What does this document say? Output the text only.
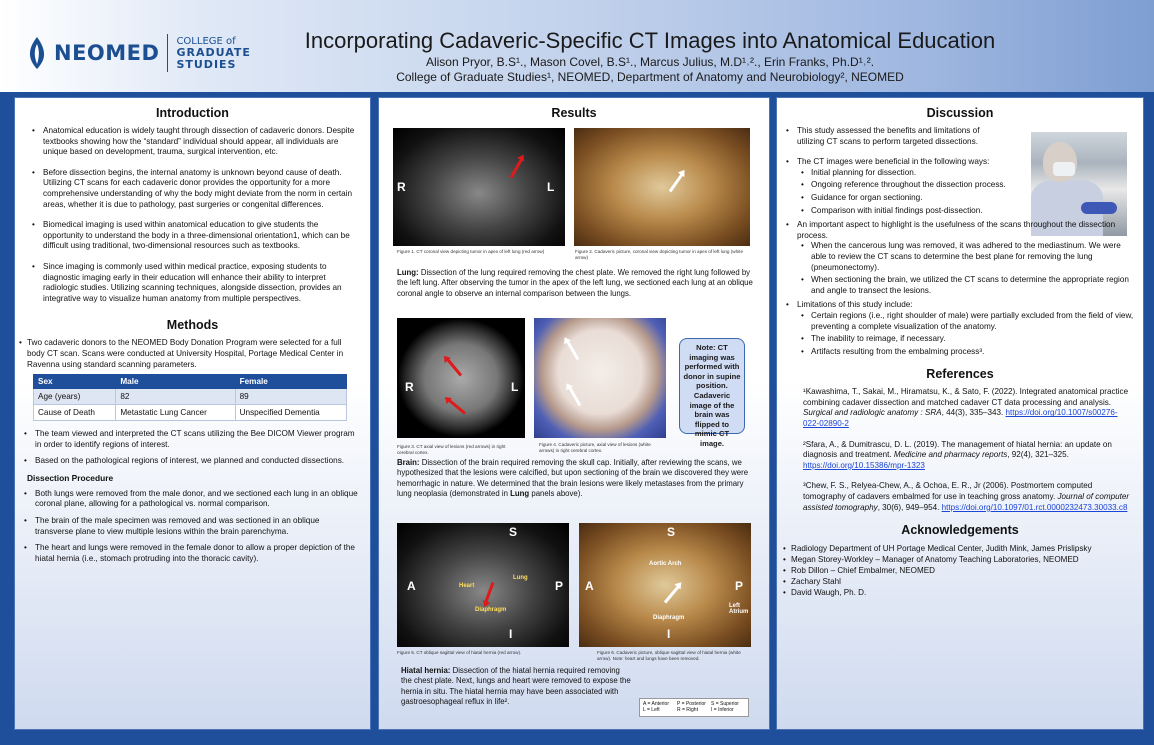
NEOMED COLLEGE of
GRADUATE
STUDIES
Incorporating Cadaveric-Specific CT Images into Anatomical Education
Alison Pryor, B.S¹., Mason Covel, B.S¹., Marcus Julius, M.D¹˒²., Erin Franks, Ph.D¹˒².
College of Graduate Studies¹, NEOMED, Department of Anatomy and Neurobiology², NEOMED
Introduction
• Anatomical education is widely taught through dissection of cadaveric donors. Despite textbooks showing how the “standard” individual should appear, all individuals are unique based on development, trauma, surgical intervention, etc.
• Before dissection begins, the internal anatomy is unknown beyond cause of death. Utilizing CT scans for each cadaveric donor provides the opportunity for a more comprehensive understanding of why the body might deviate from the norm in certain areas, whether it is due to pathology, past surgeries or congenital differences.
• Biomedical imaging is used within anatomical education to give students the opportunity to understand the body in a three-dimensional orientation1, which can be difficult using traditional, two-dimensional resources such as textbooks.
• Since imaging is commonly used within medical practice, exposing students to diagnostic imaging early in their education will enhance their ability to interpret radiologic studies. Utilizing scanning techniques, alongside dissection, provides an integrative way to visualize human anatomy from multiple perspectives.
Methods
• Two cadaveric donors to the NEOMED Body Donation Program were selected for a full body CT scan. Scans were conducted at University Hospital, Portage Medical Center in Ravenna using standard scanning parameters.
Sex	Male	Female
Age (years)	82	89
Cause of Death	Metastatic Lung Cancer	Unspecified Dementia
• The team viewed and interpreted the CT scans utilizing the Bee DICOM Viewer program in order to identify regions of interest.
• Based on the pathological regions of interest, we planned and conducted dissections.
Dissection Procedure
• Both lungs were removed from the male donor, and we sectioned each lung in an oblique coronal plane, allowing for a pathological vs. normal comparison.
• The brain of the male specimen was removed and was sectioned in an oblique transverse plane to view multiple lesions within the brain parenchyma.
• The heart and lungs were removed in the female donor to allow a proper depiction of the hiatal hernia (i.e., stomach protruding into the thoracic cavity).
Results
R	L
Figure 1. CT coronal view depicting tumor in apex of left lung (red arrow)	Figure 2. Cadaveric picture, coronal view depicting tumor in apex of left lung (white arrow)
Lung: Dissection of the lung required removing the chest plate. We removed the right lung followed by the left lung. After observing the tumor in the apex of the left lung, we sectioned each lung at an oblique coronal angle to observe an internal comparison between the lungs.
R	L
Figure 3. CT axial view of lesions (red arrows) in right cerebral cortex.
Figure 4. Cadaveric picture, axial view of lesions (white arrows) in right cerebral cortex.
Note: CT imaging was performed with donor in supine position. Cadaveric image of the brain was flipped to mimic CT image.
Brain: Dissection of the brain required removing the skull cap. Initially, after reviewing the scans, we hypothesized that the lesions were calcified, but upon sectioning of the brain we discovered they were hemorrhagic in nature. We determined that the brain lesions were likely metastases from the primary lung neoplasia (demonstrated in Lung panels above).
A	P
S
I
Heart
Lung
Diaphragm
Figure 5. CT oblique sagittal view of hiatal hernia (red arrow).
A	P
S
I
Aortic Arch
Left Atrium
Diaphragm
Figure 6. Cadaveric picture, oblique sagittal view of hiatal hernia (white arrow). Note: heart and lungs have been removed.
Hiatal hernia: Dissection of the hiatal hernia required removing the chest plate. Next, lungs and heart were removed to expose the hernia in situ. The hiatal hernia may have been associated with gastroesophageal reflux in life².	A = Anterior	P = Posterior	S = Superior
L = Left	R = Right	I = Inferior
Discussion
• This study assessed the benefits and limitations of utilizing CT scans to perform targeted dissections.
• The CT images were beneficial in the following ways:
• Initial planning for dissection.
• Ongoing reference throughout the dissection process.
• Guidance for organ sectioning.
• Comparison with initial findings post-dissection.
• An important aspect to highlight is the usefulness of the scans throughout the dissection process.
• When the cancerous lung was removed, it was adhered to the mediastinum. We were able to review the CT scans to determine the best plane for removing the lung (pneumonectomy).
• When sectioning the brain, we utilized the CT scans to determine the appropriate region and angle to transect the lesions.
• Limitations of this study include:
• Certain regions (i.e., right shoulder of male) were partially excluded from the field of view, preventing a complete visualization of the anatomy.
• The inability to reimage, if necessary.
• Artifacts resulting from the embalming process³.
References

¹Kawashima, T., Sakai, M., Hiramatsu, K., & Sato, F. (2022). Integrated anatomical practice combining cadaver dissection and matched cadaver CT data processing and analysis. Surgical and radiologic anatomy : SRA, 44(3), 335–343. https://doi.org/10.1007/s00276-022-02890-2

²Sfara, A., & Dumitrascu, D. L. (2019). The management of hiatal hernia: an update on diagnosis and treatment. Medicine and pharmacy reports, 92(4), 321–325. https://doi.org/10.15386/mpr-1323

³Chew, F. S., Relyea-Chew, A., & Ochoa, E. R., Jr (2006). Postmortem computed tomography of cadavers embalmed for use in teaching gross anatomy. Journal of computer assisted tomography, 30(6), 949–954. https://doi.org/10.1097/01.rct.0000232473.30033.c8

Acknowledgements
• Radiology Department of UH Portage Medical Center, Judith Mink, James Prislipsky
• Megan Storey-Workley – Manager of Anatomy Teaching Laboratories, NEOMED
• Rob Dillon – Chief Embalmer, NEOMED
• Zachary Stahl
• David Waugh, Ph. D.
